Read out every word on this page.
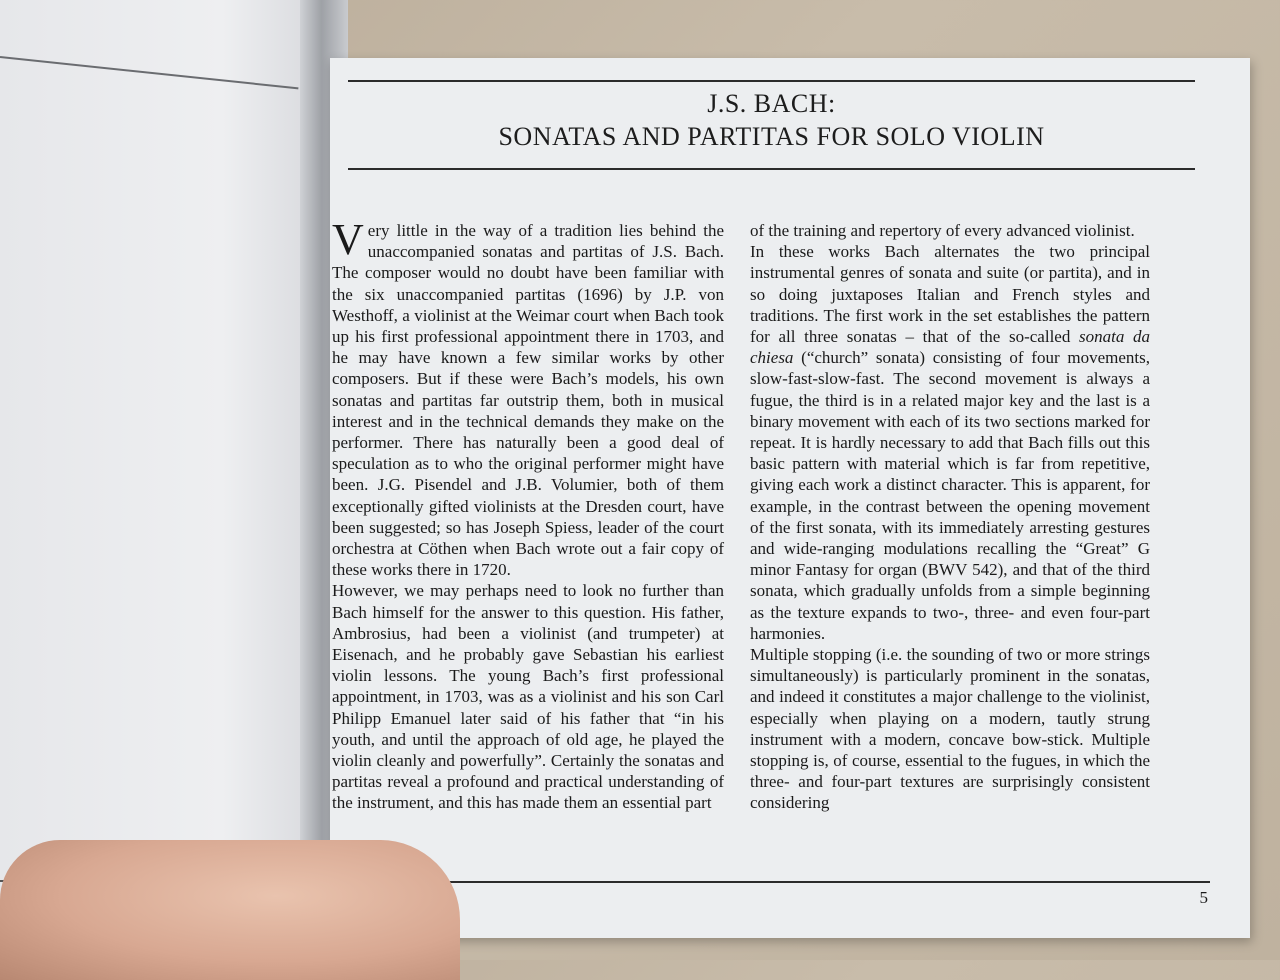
J.S. BACH:
SONATAS AND PARTITAS FOR SOLO VIOLIN

Very little in the way of a tradition lies behind the unaccompanied sonatas and partitas of J.S. Bach. The composer would no doubt have been familiar with the six unaccompanied partitas (1696) by J.P. von Westhoff, a violinist at the Weimar court when Bach took up his first professional appointment there in 1703, and he may have known a few similar works by other composers. But if these were Bach’s models, his own sonatas and partitas far outstrip them, both in musical interest and in the technical demands they make on the performer. There has naturally been a good deal of speculation as to who the original performer might have been. J.G. Pisendel and J.B. Volumier, both of them exceptionally gifted violinists at the Dresden court, have been suggested; so has Joseph Spiess, leader of the court orchestra at Cöthen when Bach wrote out a fair copy of these works there in 1720.

However, we may perhaps need to look no further than Bach himself for the answer to this question. His father, Ambrosius, had been a violinist (and trumpeter) at Eisenach, and he probably gave Sebastian his earliest violin lessons. The young Bach’s first professional appointment, in 1703, was as a violinist and his son Carl Philipp Emanuel later said of his father that “in his youth, and until the approach of old age, he played the violin cleanly and powerfully”. Certainly the sonatas and partitas reveal a profound and practical understanding of the instrument, and this has made them an essential part

of the training and repertory of every advanced violinist.

In these works Bach alternates the two principal instrumental genres of sonata and suite (or partita), and in so doing juxtaposes Italian and French styles and traditions. The first work in the set establishes the pattern for all three sonatas – that of the so-called sonata da chiesa (“church” sonata) consisting of four movements, slow-fast-slow-fast. The second movement is always a fugue, the third is in a related major key and the last is a binary movement with each of its two sections marked for repeat. It is hardly necessary to add that Bach fills out this basic pattern with material which is far from repetitive, giving each work a distinct character. This is apparent, for example, in the contrast between the opening movement of the first sonata, with its immediately arresting gestures and wide-ranging modulations recalling the “Great” G minor Fantasy for organ (BWV 542), and that of the third sonata, which gradually unfolds from a simple beginning as the texture expands to two-, three- and even four-part harmonies.

Multiple stopping (i.e. the sounding of two or more strings simultaneously) is particularly prominent in the sonatas, and indeed it constitutes a major challenge to the violinist, especially when playing on a modern, tautly strung instrument with a modern, concave bow-stick. Multiple stopping is, of course, essential to the fugues, in which the three- and four-part textures are surprisingly consistent considering

5
